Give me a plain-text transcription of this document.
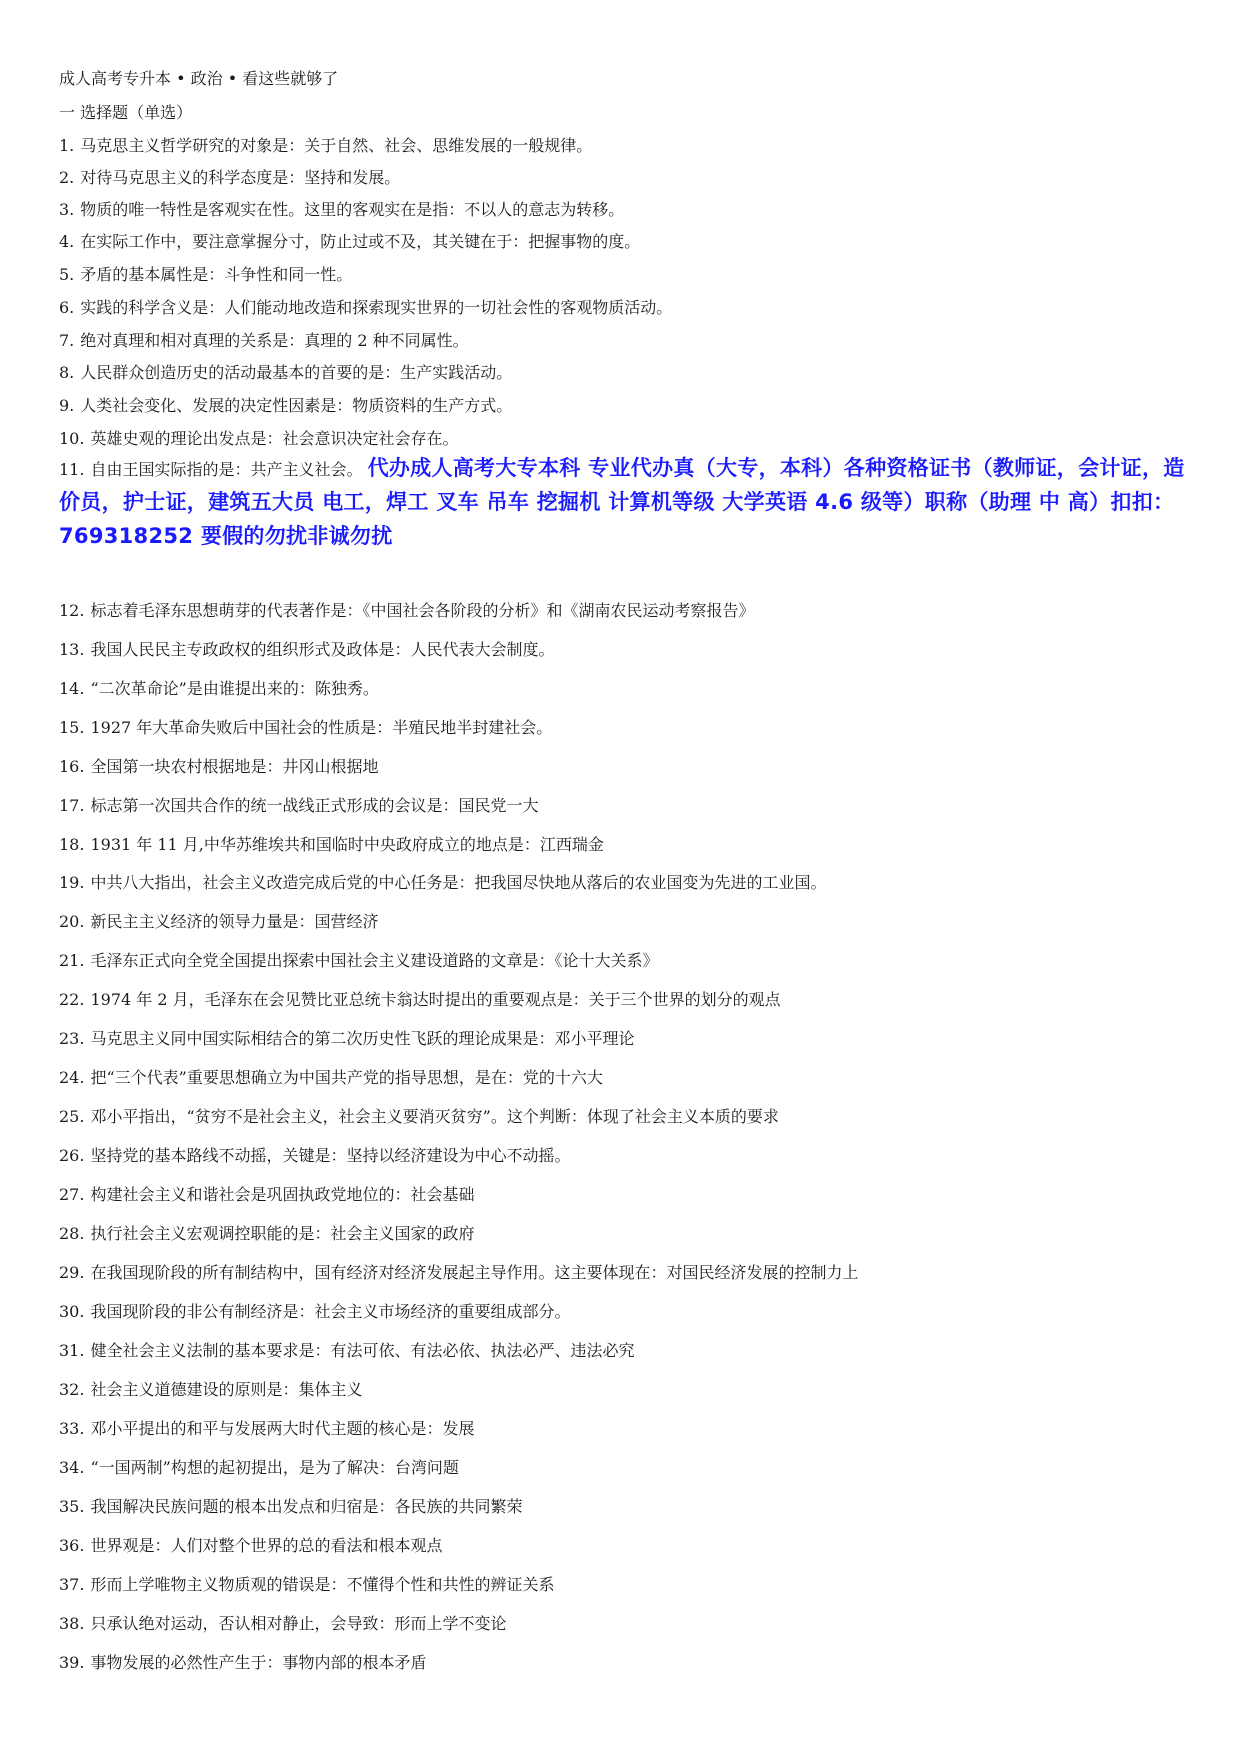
成人高考专升本 • 政治 • 看这些就够了
一 选择题（单选）
1. 马克思主义哲学研究的对象是：关于自然、社会、思维发展的一般规律。
2. 对待马克思主义的科学态度是：坚持和发展。
3. 物质的唯一特性是客观实在性。这里的客观实在是指：不以人的意志为转移。
4. 在实际工作中，要注意掌握分寸，防止过或不及，其关键在于：把握事物的度。
5. 矛盾的基本属性是：斗争性和同一性。
6. 实践的科学含义是：人们能动地改造和探索现实世界的一切社会性的客观物质活动。
7. 绝对真理和相对真理的关系是：真理的 2 种不同属性。
8. 人民群众创造历史的活动最基本的首要的是：生产实践活动。
9. 人类社会变化、发展的决定性因素是：物质资料的生产方式。
10. 英雄史观的理论出发点是：社会意识决定社会存在。
11. 自由王国实际指的是：共产主义社会。 代办成人高考大专本科 专业代办真（大专，本科）各种资格证书（教师证，会计证，造价员，护士证，建筑五大员 电工，焊工 叉车 吊车 挖掘机 计算机等级 大学英语 4.6 级等）职称（助理 中 高）扣扣：769318252 要假的勿扰非诚勿扰
12. 标志着毛泽东思想萌芽的代表著作是：《中国社会各阶段的分析》和《湖南农民运动考察报告》
13. 我国人民民主专政政权的组织形式及政体是：人民代表大会制度。
14. “二次革命论”是由谁提出来的：陈独秀。
15. 1927 年大革命失败后中国社会的性质是：半殖民地半封建社会。
16. 全国第一块农村根据地是：井冈山根据地
17. 标志第一次国共合作的统一战线正式形成的会议是：国民党一大
18. 1931 年 11 月,中华苏维埃共和国临时中央政府成立的地点是：江西瑞金
19. 中共八大指出，社会主义改造完成后党的中心任务是：把我国尽快地从落后的农业国变为先进的工业国。
20. 新民主主义经济的领导力量是：国营经济
21. 毛泽东正式向全党全国提出探索中国社会主义建设道路的文章是：《论十大关系》
22. 1974 年 2 月，毛泽东在会见赞比亚总统卡翁达时提出的重要观点是：关于三个世界的划分的观点
23. 马克思主义同中国实际相结合的第二次历史性飞跃的理论成果是：邓小平理论
24. 把“三个代表”重要思想确立为中国共产党的指导思想，是在：党的十六大
25. 邓小平指出，“贫穷不是社会主义，社会主义要消灭贫穷”。这个判断：体现了社会主义本质的要求
26. 坚持党的基本路线不动摇，关键是：坚持以经济建设为中心不动摇。
27. 构建社会主义和谐社会是巩固执政党地位的：社会基础
28. 执行社会主义宏观调控职能的是：社会主义国家的政府
29. 在我国现阶段的所有制结构中，国有经济对经济发展起主导作用。这主要体现在：对国民经济发展的控制力上
30. 我国现阶段的非公有制经济是：社会主义市场经济的重要组成部分。
31. 健全社会主义法制的基本要求是：有法可依、有法必依、执法必严、违法必究
32. 社会主义道德建设的原则是：集体主义
33. 邓小平提出的和平与发展两大时代主题的核心是：发展
34. “一国两制”构想的起初提出，是为了解决：台湾问题
35. 我国解决民族问题的根本出发点和归宿是：各民族的共同繁荣
36. 世界观是：人们对整个世界的总的看法和根本观点
37. 形而上学唯物主义物质观的错误是：不懂得个性和共性的辨证关系
38. 只承认绝对运动，否认相对静止，会导致：形而上学不变论
39. 事物发展的必然性产生于：事物内部的根本矛盾
